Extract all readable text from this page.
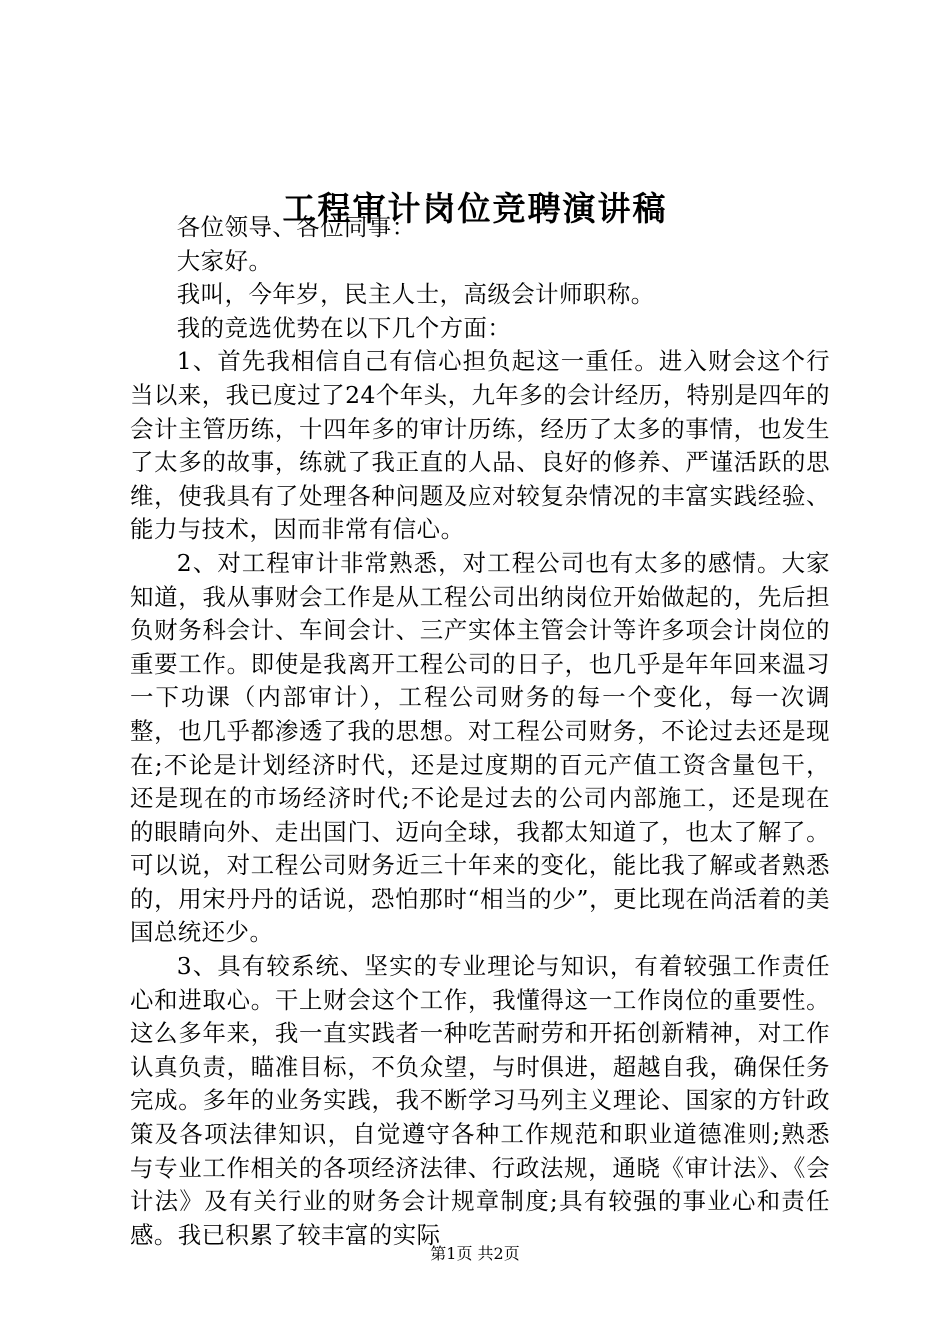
工程审计岗位竞聘演讲稿

各位领导、各位同事：

大家好。

我叫，今年岁，民主人士，高级会计师职称。

我的竞选优势在以下几个方面：

1、首先我相信自己有信心担负起这一重任。进入财会这个行当以来，我已度过了24个年头，九年多的会计经历，特别是四年的会计主管历练，十四年多的审计历练，经历了太多的事情，也发生了太多的故事，练就了我正直的人品、良好的修养、严谨活跃的思维，使我具有了处理各种问题及应对较复杂情况的丰富实践经验、能力与技术，因而非常有信心。

2、对工程审计非常熟悉，对工程公司也有太多的感情。大家知道，我从事财会工作是从工程公司出纳岗位开始做起的，先后担负财务科会计、车间会计、三产实体主管会计等许多项会计岗位的重要工作。即使是我离开工程公司的日子，也几乎是年年回来温习一下功课（内部审计），工程公司财务的每一个变化，每一次调整，也几乎都渗透了我的思想。对工程公司财务，不论过去还是现在;不论是计划经济时代，还是过度期的百元产值工资含量包干，还是现在的市场经济时代;不论是过去的公司内部施工，还是现在的眼睛向外、走出国门、迈向全球，我都太知道了，也太了解了。可以说，对工程公司财务近三十年来的变化，能比我了解或者熟悉的，用宋丹丹的话说，恐怕那时“相当的少”，更比现在尚活着的美国总统还少。

3、具有较系统、坚实的专业理论与知识，有着较强工作责任心和进取心。干上财会这个工作，我懂得这一工作岗位的重要性。这么多年来，我一直实践者一种吃苦耐劳和开拓创新精神，对工作认真负责，瞄准目标，不负众望，与时俱进，超越自我，确保任务完成。多年的业务实践，我不断学习马列主义理论、国家的方针政策及各项法律知识，自觉遵守各种工作规范和职业道德准则;熟悉与专业工作相关的各项经济法律、行政法规，通晓《审计法》、《会计法》及有关行业的财务会计规章制度;具有较强的事业心和责任感。我已积累了较丰富的实际

第1页 共2页
